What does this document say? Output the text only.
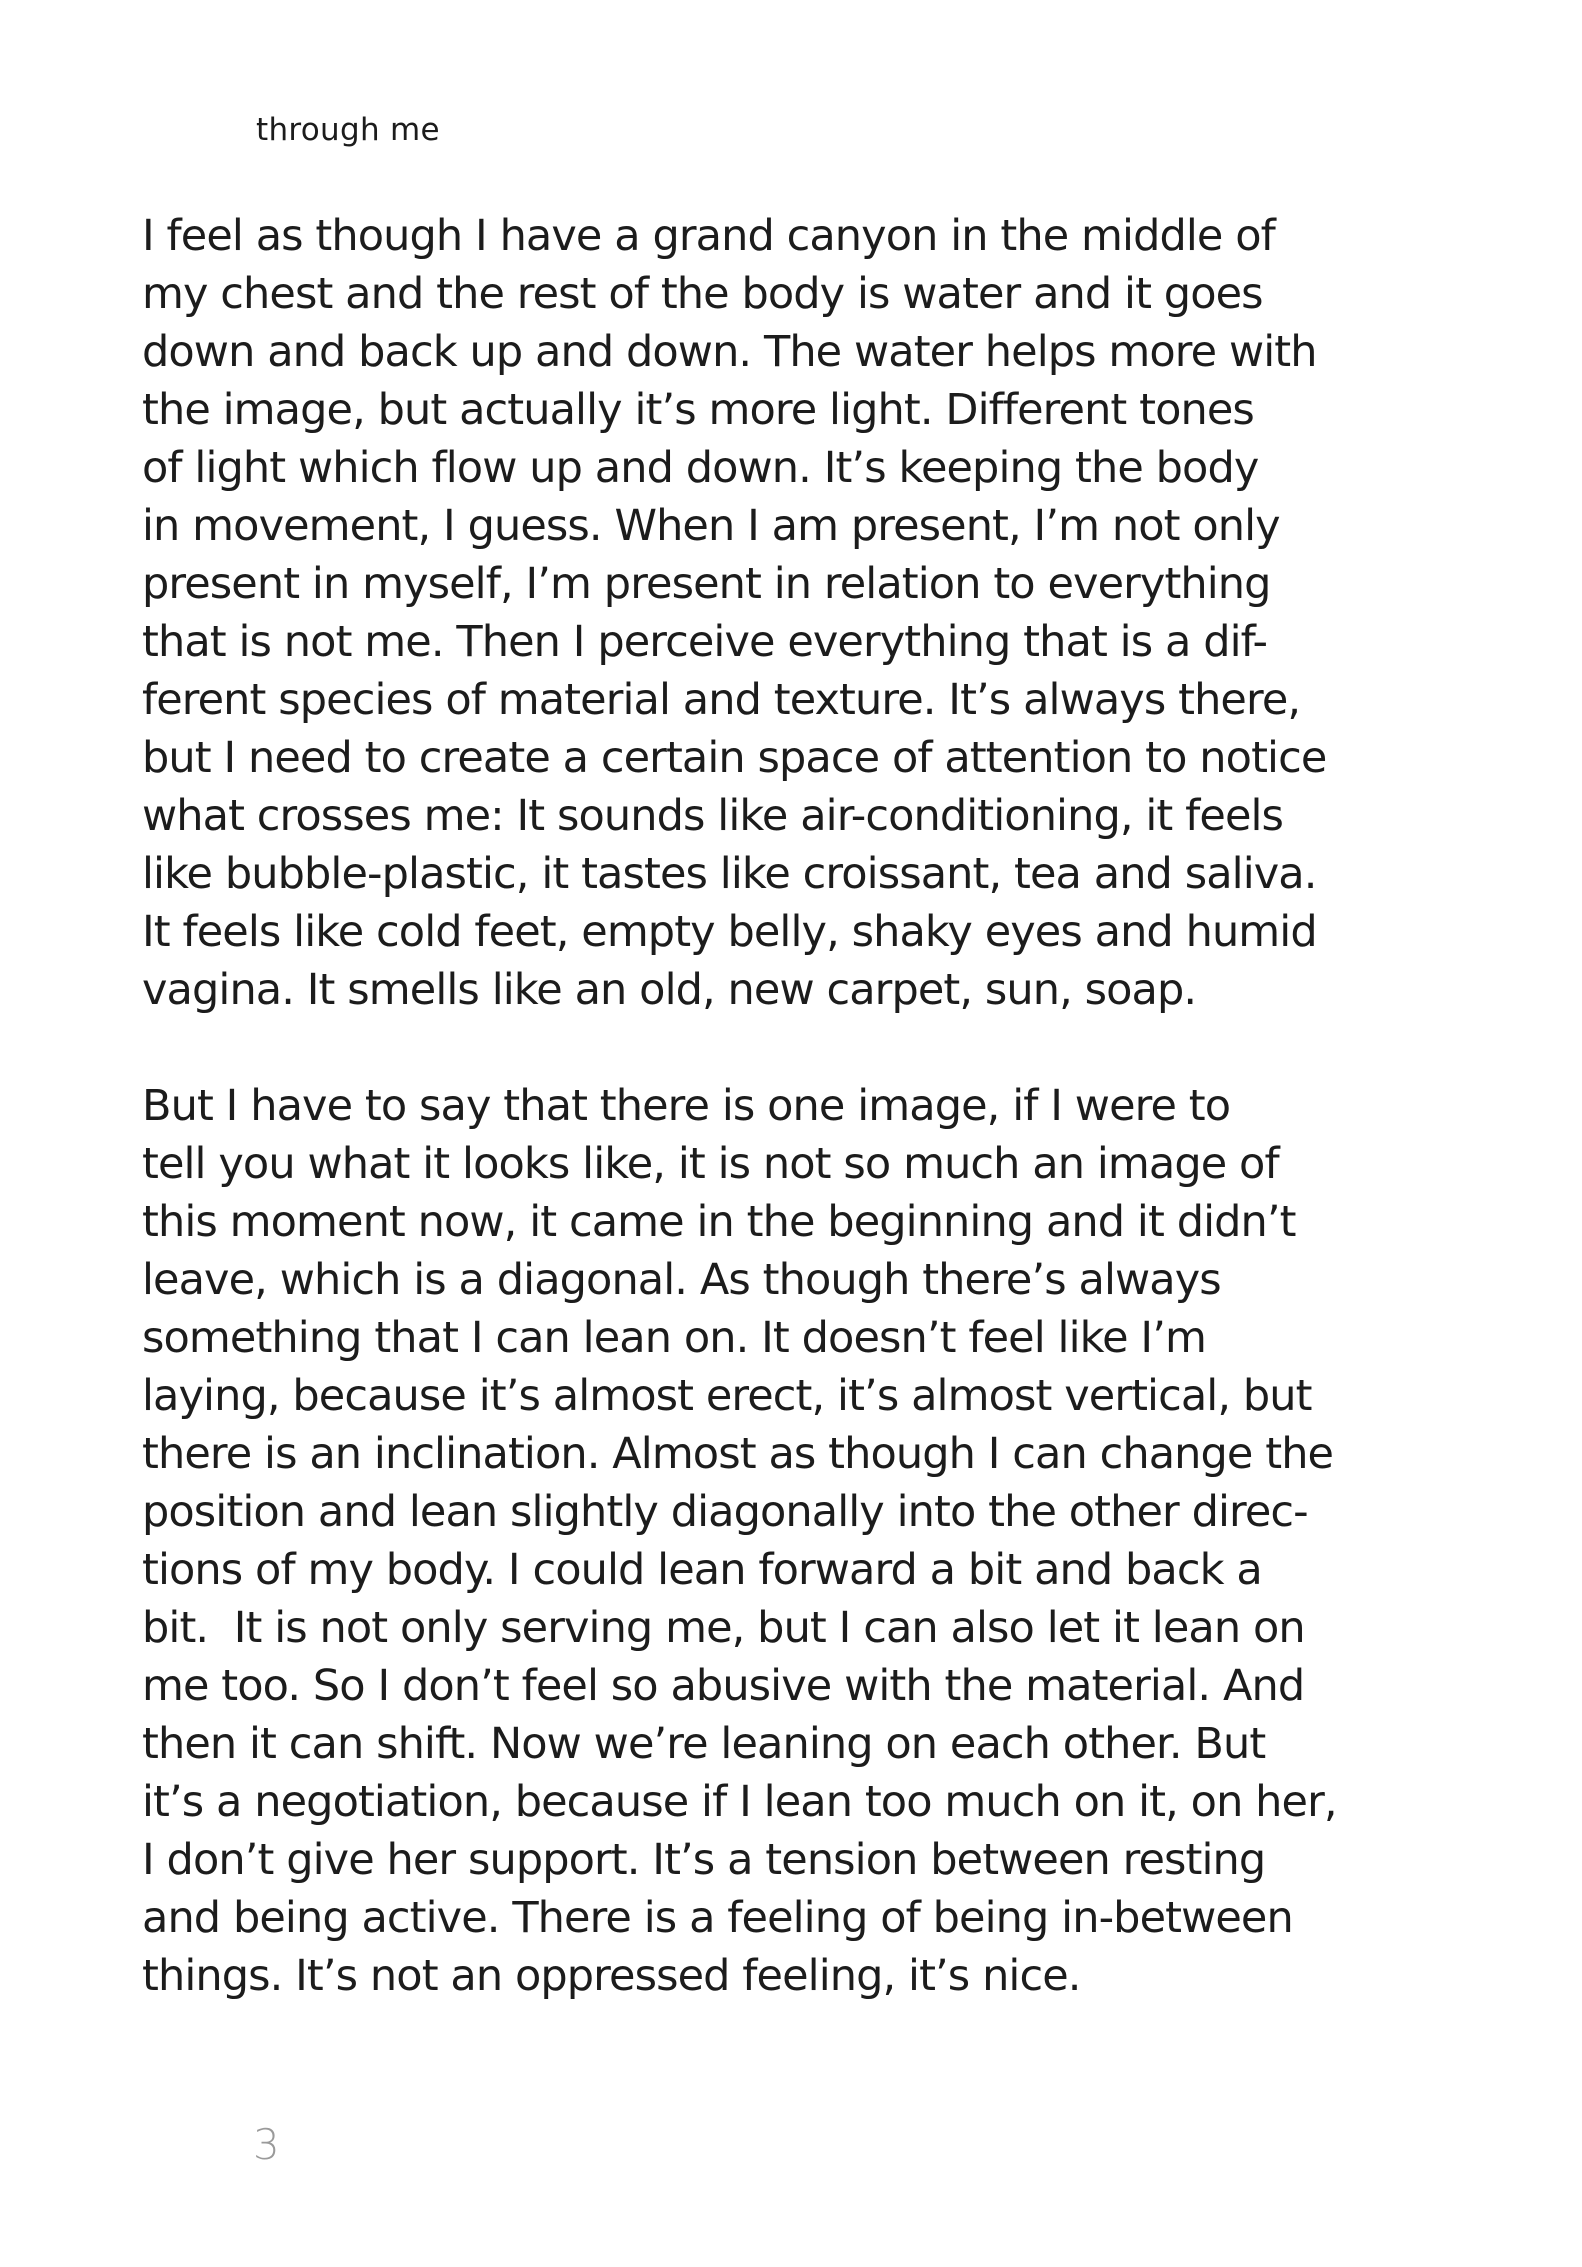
through me

I feel as though I have a grand canyon in the middle of
my chest and the rest of the body is water and it goes
down and back up and down. The water helps more with
the image, but actually it’s more light. Different tones
of light which flow up and down. It’s keeping the body
in movement, I guess. When I am present, I’m not only
present in myself, I’m present in relation to everything
that is not me. Then I perceive everything that is a dif-
ferent species of material and texture. It’s always there,
but I need to create a certain space of attention to notice
what crosses me: It sounds like air-conditioning, it feels
like bubble-plastic, it tastes like croissant, tea and saliva.
It feels like cold feet, empty belly, shaky eyes and humid
vagina. It smells like an old, new carpet, sun, soap.

But I have to say that there is one image, if I were to
tell you what it looks like, it is not so much an image of
this moment now, it came in the beginning and it didn’t
leave, which is a diagonal. As though there’s always
something that I can lean on. It doesn’t feel like I’m
laying, because it’s almost erect, it’s almost vertical, but
there is an inclination. Almost as though I can change the
position and lean slightly diagonally into the other direc-
tions of my body. I could lean forward a bit and back a
bit.  It is not only serving me, but I can also let it lean on
me too. So I don’t feel so abusive with the material. And
then it can shift. Now we’re leaning on each other. But
it’s a negotiation, because if I lean too much on it, on her,
I don’t give her support. It’s a tension between resting
and being active. There is a feeling of being in-between
things. It’s not an oppressed feeling, it’s nice.

3
